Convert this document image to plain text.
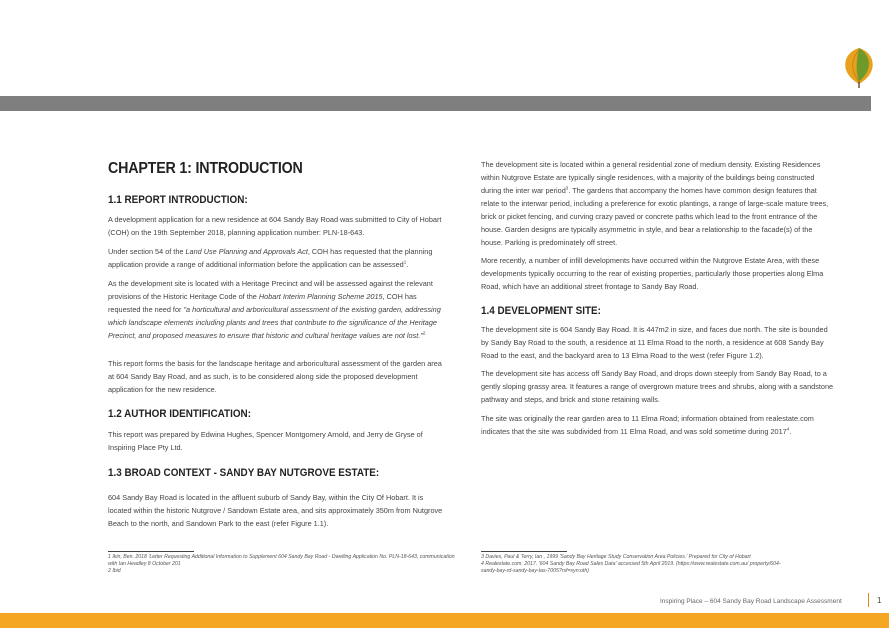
CHAPTER 1: INTRODUCTION
1.1 REPORT INTRODUCTION:

A development application for a new residence at 604 Sandy Bay Road was submitted to City of Hobart (COH) on the 19th September 2018, planning application number: PLN-18-643.

Under section 54 of the Land Use Planning and Approvals Act, COH has requested that the planning application provide a range of additional information before the application can be assessed$^1$.

As the development site is located with a Heritage Precinct and will be assessed against the relevant provisions of the Historic Heritage Code of the Hobart Interim Planning Scheme 2015, COH has requested the need for "a horticultural and arboricultural assessment of the existing garden, addressing which landscape elements including plants and trees that contribute to the significance of the Heritage Precinct, and proposed measures to ensure that historic and cultural heritage values are not lost."$^2$

This report forms the basis for the landscape heritage and arboricultural assessment of the garden area at 604 Sandy Bay Road, and as such, is to be considered along side the proposed development application for the new residence.

1.2 AUTHOR IDENTIFICATION:

This report was prepared by Edwina Hughes, Spencer Montgomery Arnold, and Jerry de Gryse of Inspiring Place Pty Ltd.

1.3 BROAD CONTEXT - SANDY BAY NUTGROVE ESTATE:

604 Sandy Bay Road is located in the affluent suburb of Sandy Bay, within the City Of Hobart. It is located within the historic Nutgrove / Sandown Estate area, and sits approximately 350m from Nutgrove Beach to the north, and Sandown Park to the east (refer Figure 1.1).

1 Ikin, Ben. 2018 'Letter Requesting Additional Information to Supplement 604 Sandy Bay Road - Dwelling Application No. PLN-18-643, communication with Ian Headley 8 October 201

2 Ibid

The development site is located within a general residential zone of medium density. Existing Residences within Nutgrove Estate are typically single residences, with a majority of the buildings being constructed during the inter war period$^3$. The gardens that accompany the homes have common design features that relate to the interwar period, including a preference for exotic plantings, a range of large-scale mature trees, brick or picket fencing, and curving crazy paved or concrete paths which lead to the front entrance of the house. Garden designs are typically asymmetric in style, and bear a relationship to the facade(s) of the house. Parking is predominately off street.

More recently, a number of infill developments have occurred within the Nutgrove Estate Area, with these developments typically occurring to the rear of existing properties, particularly those properties along Elma Road, which have an additional street frontage to Sandy Bay Road.

1.4 DEVELOPMENT SITE:

The development site is 604 Sandy Bay Road. It is 447m2 in size, and faces due north. The site is bounded by Sandy Bay Road to the south, a residence at 11 Elma Road to the north, a residence at 608 Sandy Bay Road to the east, and the backyard area to 13 Elma Road to the west (refer Figure 1.2).

The development site has access off Sandy Bay Road, and drops down steeply from Sandy Bay Road, to a gently sloping grassy area. It features a range of overgrown mature trees and shrubs, along with a sandstone pathway and steps, and brick and stone retaining walls.

The site was originally the rear garden area to 11 Elma Road; information obtained from realestate.com indicates that the site was subdivided from 11 Elma Road, and was sold sometime during 2017$^4$.

3 Davies, Paul & Terry, Ian , 1999 'Sandy Bay Heritage Study Conservation Area Policies.' Prepared for City of Hobart

4 Realestate.com. 2017. '604 Sandy Bay Road Sales Data' accessed 5th April 2019. (https://www.realestate.com.au/ property/604-sandy-bay-rd-sandy-bay-tas-7005?rsf=syn:oth)

Inspiring Place – 604 Sandy Bay Road Landscape Assessment	1
